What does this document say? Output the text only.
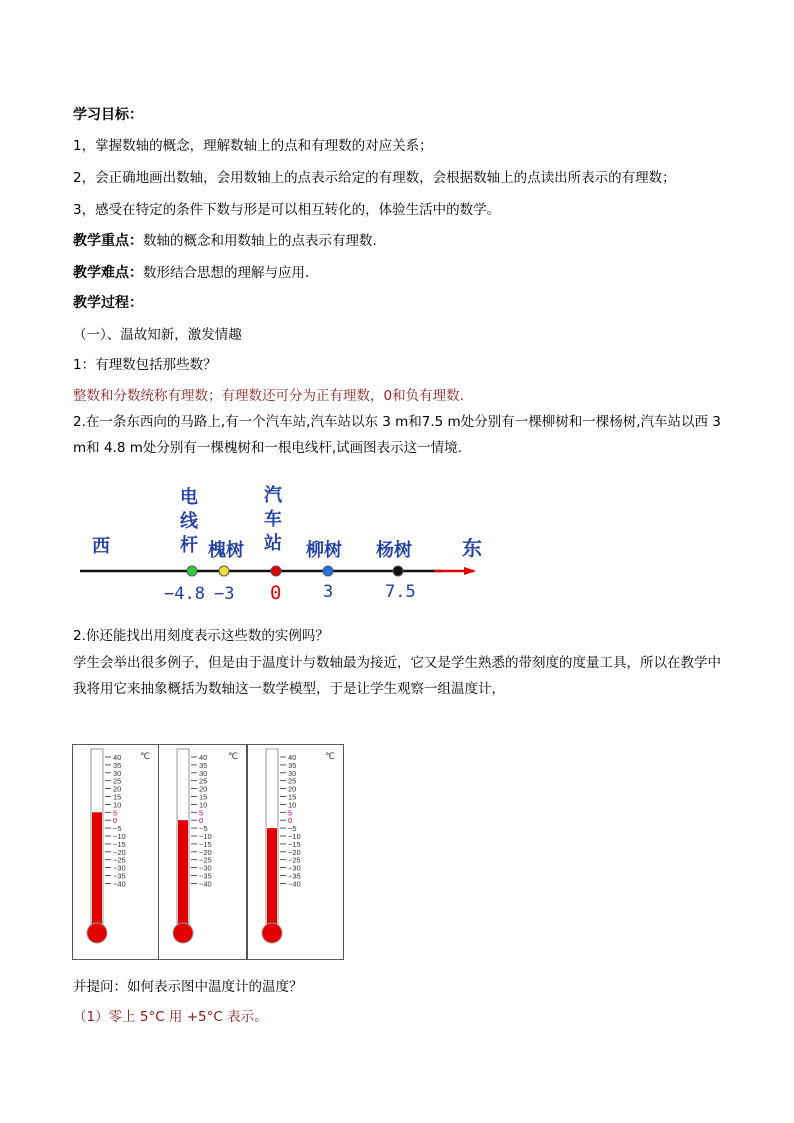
学习目标：
1，掌握数轴的概念，理解数轴上的点和有理数的对应关系；
2，会正确地画出数轴，会用数轴上的点表示给定的有理数，会根据数轴上的点读出所表示的有理数；
3，感受在特定的条件下数与形是可以相互转化的，体验生活中的数学。
教学重点：数轴的概念和用数轴上的点表示有理数.
教学难点：数形结合思想的理解与应用.
教学过程：
（一）、温故知新，激发情趣
1：有理数包括那些数？
整数和分数统称有理数；有理数还可分为正有理数，0和负有理数.
2.在一条东西向的马路上,有一个汽车站,汽车站以东 3 m和7.5 m处分别有一棵柳树和一棵杨树,汽车站以西 3 m和 4.8 m处分别有一棵槐树和一根电线杆,试画图表示这一情境.
西	东
电
线
杆 槐树
汽
车
站 柳树 杨树
−4.8 −3 0 3	7.5
2.你还能找出用刻度表示这些数的实例吗？
学生会举出很多例子，但是由于温度计与数轴最为接近，它又是学生熟悉的带刻度的度量工具，所以在教学中我将用它来抽象概括为数轴这一数学模型，于是让学生观察一组温度计，
40
35
30
25
20
15
10
5
0
−5
−10
−15
−20
−25
−30
−35
−40
℃	40
35
30
25
20
15
10
5
0
−5
−10
−15
−20
−25
−30
−35
−40
℃	40
35
30
25
20
15
10
5
0
−5
−10
−15
−20
−25
−30
−35
−40
℃
并提问：如何表示图中温度计的温度？
（1）零上 5°C 用 +5°C 表示。
